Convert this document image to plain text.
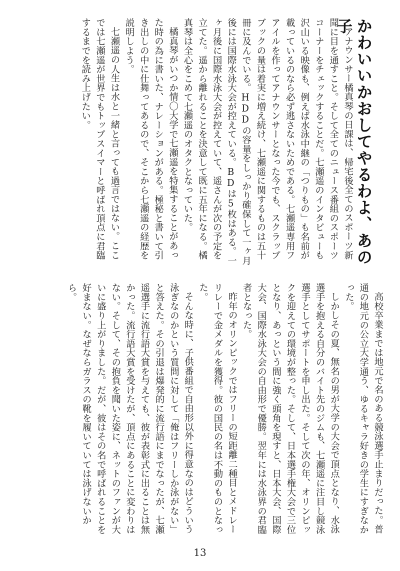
かわいいかおしてやるわよ、あの子

アナウンサー橘真琴の日課は、帰宅後全てのスポーツ新聞に目を通すこと。そして全てのニュース番組のスポーツコーナーをチェックすることだ。七瀬遥のインタビューも沢山いる映像も、例えば水泳中継の「つりもの」も名前が載っているのなら必ず逃さないためである。七瀬遥専用フアイルを作ってアナウンサーとなった今でも、スクラップブックの量は着実に増え続け、七瀬遥に関するものは五十冊に及んでいる。HDDの容量をしっかり確保して一ヶ月後には国際水泳大会が控えている。BDは5枚はある。一ヶ月後に国際水泳大会が控えていて、遥さんが次の予定を立てた。遥から離れることを決意して既に五年になる。橘真琴は全心をこめて七瀬遥のオタクとなっていた。

橘真琴がいつか情〇大学で七瀬遥を特集することがあった時の為に書いた、ナレーションがある。極秘と書いて引き出しの中に仕舞ってあるので、そこから七瀬遥の経歴を説明しよう。

七瀬遥の人生は水と一緒と言っても過言ではない。ここでは七瀬遥が世界でもトップスイマーと呼ばれ頂点に君臨するまでを読み上げたい。

高校卒業までは地元で名のある競泳選手止まりだった。普通の地元の公立大学通う、ゆるキャラ好きの学生にすぎなかった。

しかしその夏、無名の男が大学の大会で頂点となり、水泳選手を抱える自分のバイト先のジムも、七瀬遥に注目し競泳選手としてサポートを申し出た。そして次の年、オリンピックを迎えての環境が整った。そして、日本選手権大会で三位となり、あっという間に強く頭角を現すと、日本大会、国際大会、国際水泳大会の自由形で優勝。翌年には水泳界の君臨者となった。

昨年のオリンピックではフリーの短距離二種目とメドレーリレーで金メダルを獲得。彼の国民の名は不動のものとなった。

そんな時に、子供番組で自由形以外に得意なのはどういう泳ぎなのかという質問に対して「俺はフリーしか泳がない」と答えた。その引退は爆発的に流行語にまでなったが、七瀬遥選手に流行語大賞を与えても、彼が表彰式に出ることは無かった。流行語大賞を受けたが、頂点にあることに変わりはない。そして、その抱負を聞いた姿に、ネットのファンが大いに盛り上がりました。だが、彼はその名で呼ばれることを好まない。なぜならガラスの靴を履いていては泳げないから。

13
